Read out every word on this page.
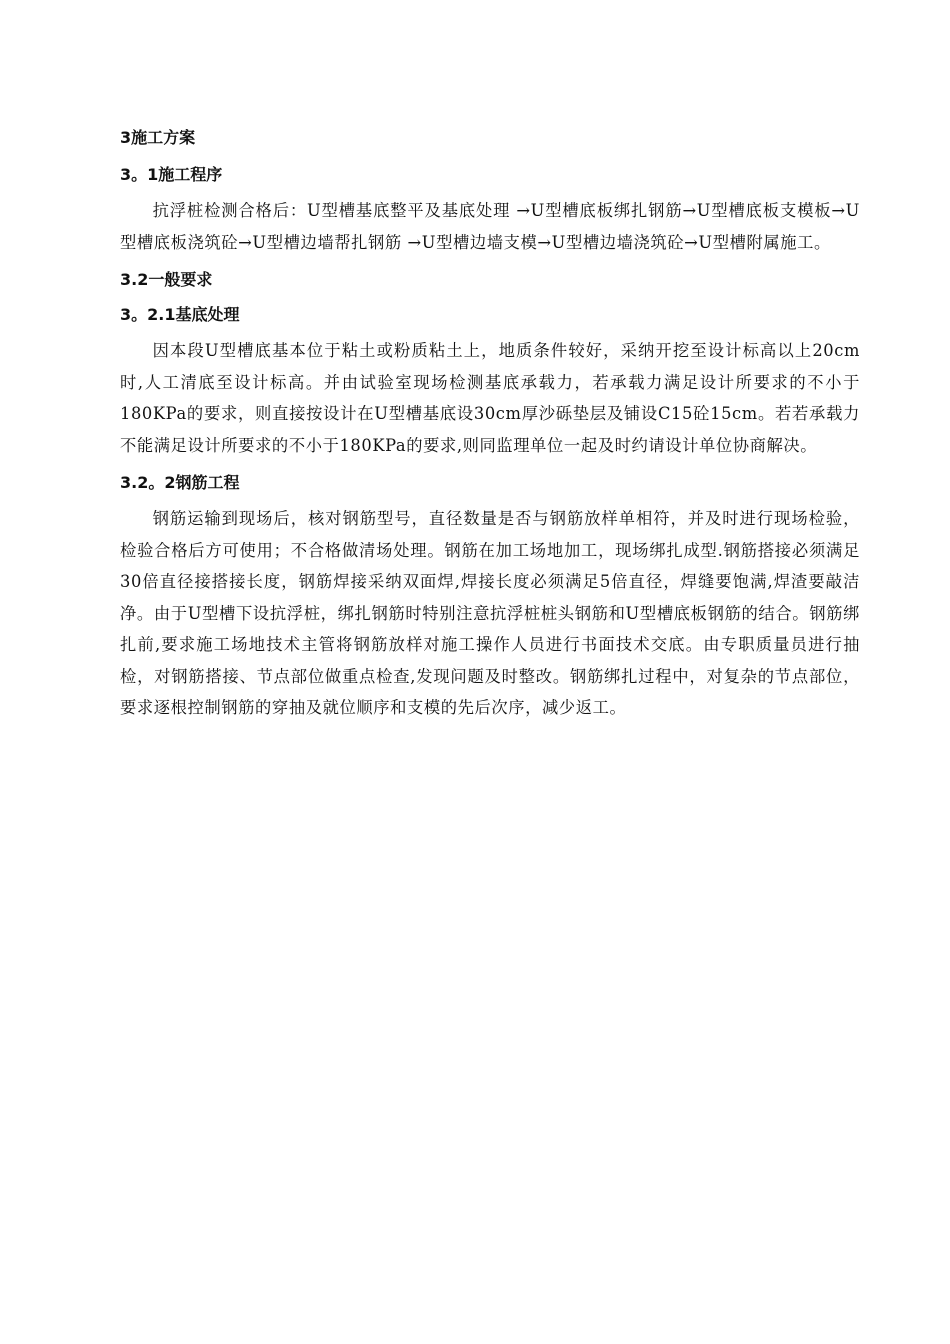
3施工方案
3。1施工程序

抗浮桩检测合格后：U型槽基底整平及基底处理 →U型槽底板绑扎钢筋→U型槽底板支模板→U型槽底板浇筑砼→U型槽边墙帮扎钢筋 →U型槽边墙支模→U型槽边墙浇筑砼→U型槽附属施工。

3.2一般要求
3。2.1基底处理

因本段U型槽底基本位于粘土或粉质粘土上，地质条件较好，采纳开挖至设计标高以上20cm时,人工清底至设计标高。并由试验室现场检测基底承载力，若承载力满足设计所要求的不小于180KPa的要求，则直接按设计在U型槽基底设30cm厚沙砾垫层及铺设C15砼15cm。若若承载力不能满足设计所要求的不小于180KPa的要求,则同监理单位一起及时约请设计单位协商解决。

3.2。2钢筋工程

钢筋运输到现场后，核对钢筋型号，直径数量是否与钢筋放样单相符，并及时进行现场检验，检验合格后方可使用；不合格做清场处理。钢筋在加工场地加工，现场绑扎成型.钢筋搭接必须满足30倍直径接搭接长度，钢筋焊接采纳双面焊,焊接长度必须满足5倍直径，焊缝要饱满,焊渣要敲洁净。由于U型槽下设抗浮桩，绑扎钢筋时特别注意抗浮桩桩头钢筋和U型槽底板钢筋的结合。钢筋绑扎前,要求施工场地技术主管将钢筋放样对施工操作人员进行书面技术交底。由专职质量员进行抽检，对钢筋搭接、节点部位做重点检查,发现问题及时整改。钢筋绑扎过程中，对复杂的节点部位，要求逐根控制钢筋的穿抽及就位顺序和支模的先后次序，减少返工。
